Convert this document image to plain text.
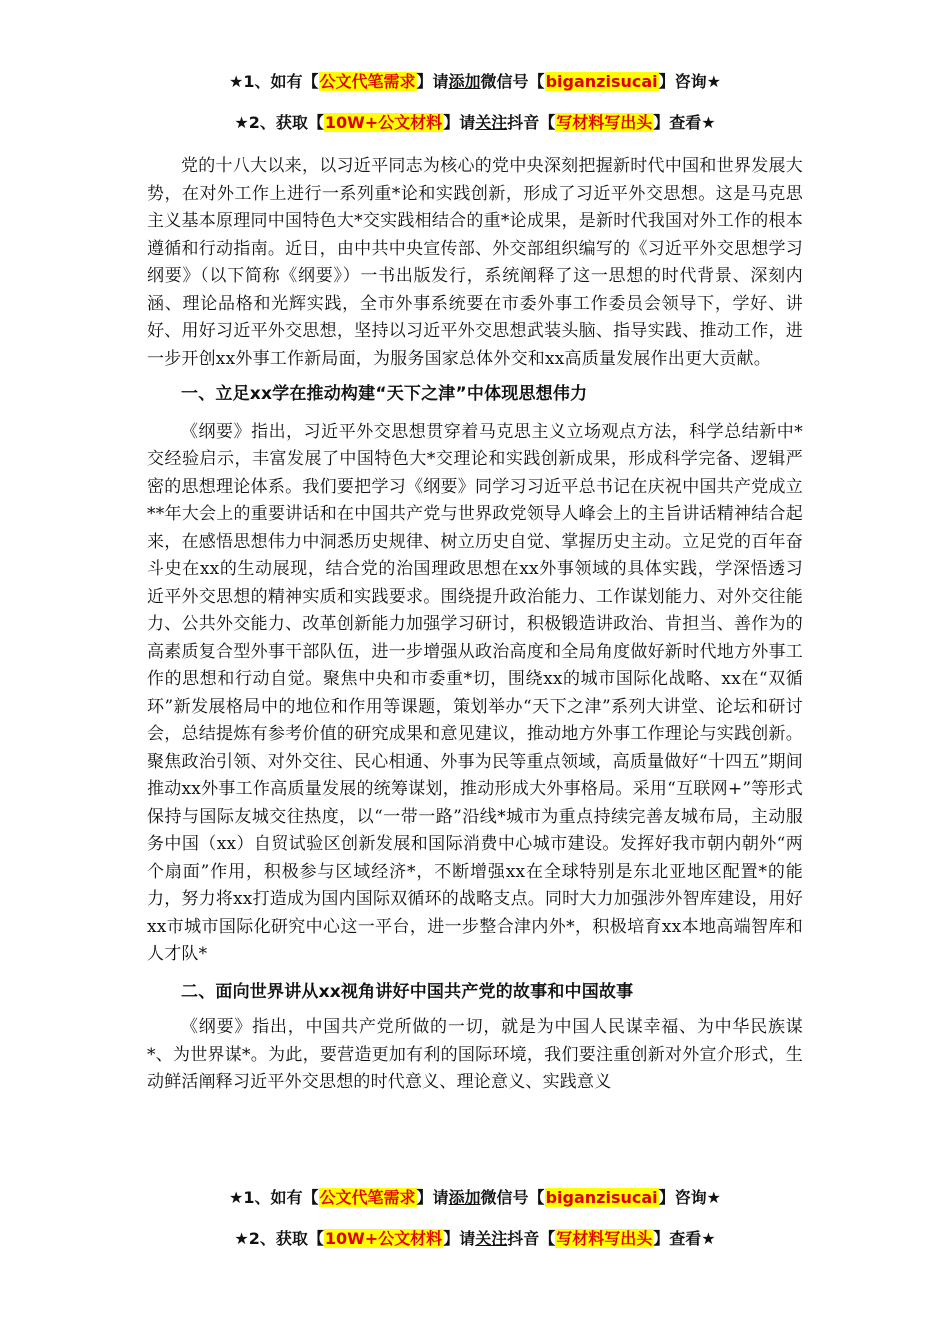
★1、如有【公文代笔需求】请添加微信号【biganzisucai】咨询★
★2、获取【10W+公文材料】请关注抖音【写材料写出头】查看★

党的十八大以来，以习近平同志为核心的党中央深刻把握新时代中国和世界发展大势，在对外工作上进行一系列重*论和实践创新，形成了习近平外交思想。这是马克思主义基本原理同中国特色大*交实践相结合的重*论成果，是新时代我国对外工作的根本遵循和行动指南。近日，由中共中央宣传部、外交部组织编写的《习近平外交思想学习纲要》（以下简称《纲要》）一书出版发行，系统阐释了这一思想的时代背景、深刻内涵、理论品格和光辉实践，全市外事系统要在市委外事工作委员会领导下，学好、讲好、用好习近平外交思想，坚持以习近平外交思想武装头脑、指导实践、推动工作，进一步开创xx外事工作新局面，为服务国家总体外交和xx高质量发展作出更大贡献。

一、立足xx学在推动构建“天下之津”中体现思想伟力

《纲要》指出，习近平外交思想贯穿着马克思主义立场观点方法，科学总结新中*交经验启示，丰富发展了中国特色大*交理论和实践创新成果，形成科学完备、逻辑严密的思想理论体系。我们要把学习《纲要》同学习习近平总书记在庆祝中国共产党成立**年大会上的重要讲话和在中国共产党与世界政党领导人峰会上的主旨讲话精神结合起来，在感悟思想伟力中洞悉历史规律、树立历史自觉、掌握历史主动。立足党的百年奋斗史在xx的生动展现，结合党的治国理政思想在xx外事领域的具体实践，学深悟透习近平外交思想的精神实质和实践要求。围绕提升政治能力、工作谋划能力、对外交往能力、公共外交能力、改革创新能力加强学习研讨，积极锻造讲政治、肯担当、善作为的高素质复合型外事干部队伍，进一步增强从政治高度和全局角度做好新时代地方外事工作的思想和行动自觉。聚焦中央和市委重*切，围绕xx的城市国际化战略、xx在“双循环”新发展格局中的地位和作用等课题，策划举办“天下之津”系列大讲堂、论坛和研讨会，总结提炼有参考价值的研究成果和意见建议，推动地方外事工作理论与实践创新。聚焦政治引领、对外交往、民心相通、外事为民等重点领域，高质量做好“十四五”期间推动xx外事工作高质量发展的统筹谋划，推动形成大外事格局。采用“互联网+”等形式保持与国际友城交往热度，以“一带一路”沿线*城市为重点持续完善友城布局，主动服务中国（xx）自贸试验区创新发展和国际消费中心城市建设。发挥好我市朝内朝外“两个扇面”作用，积极参与区域经济*，不断增强xx在全球特别是东北亚地区配置*的能力，努力将xx打造成为国内国际双循环的战略支点。同时大力加强涉外智库建设，用好xx市城市国际化研究中心这一平台，进一步整合津内外*，积极培育xx本地高端智库和人才队*

二、面向世界讲从xx视角讲好中国共产党的故事和中国故事

《纲要》指出，中国共产党所做的一切，就是为中国人民谋幸福、为中华民族谋*、为世界谋*。为此，要营造更加有利的国际环境，我们要注重创新对外宣介形式，生动鲜活阐释习近平外交思想的时代意义、理论意义、实践意义

★1、如有【公文代笔需求】请添加微信号【biganzisucai】咨询★
★2、获取【10W+公文材料】请关注抖音【写材料写出头】查看★
